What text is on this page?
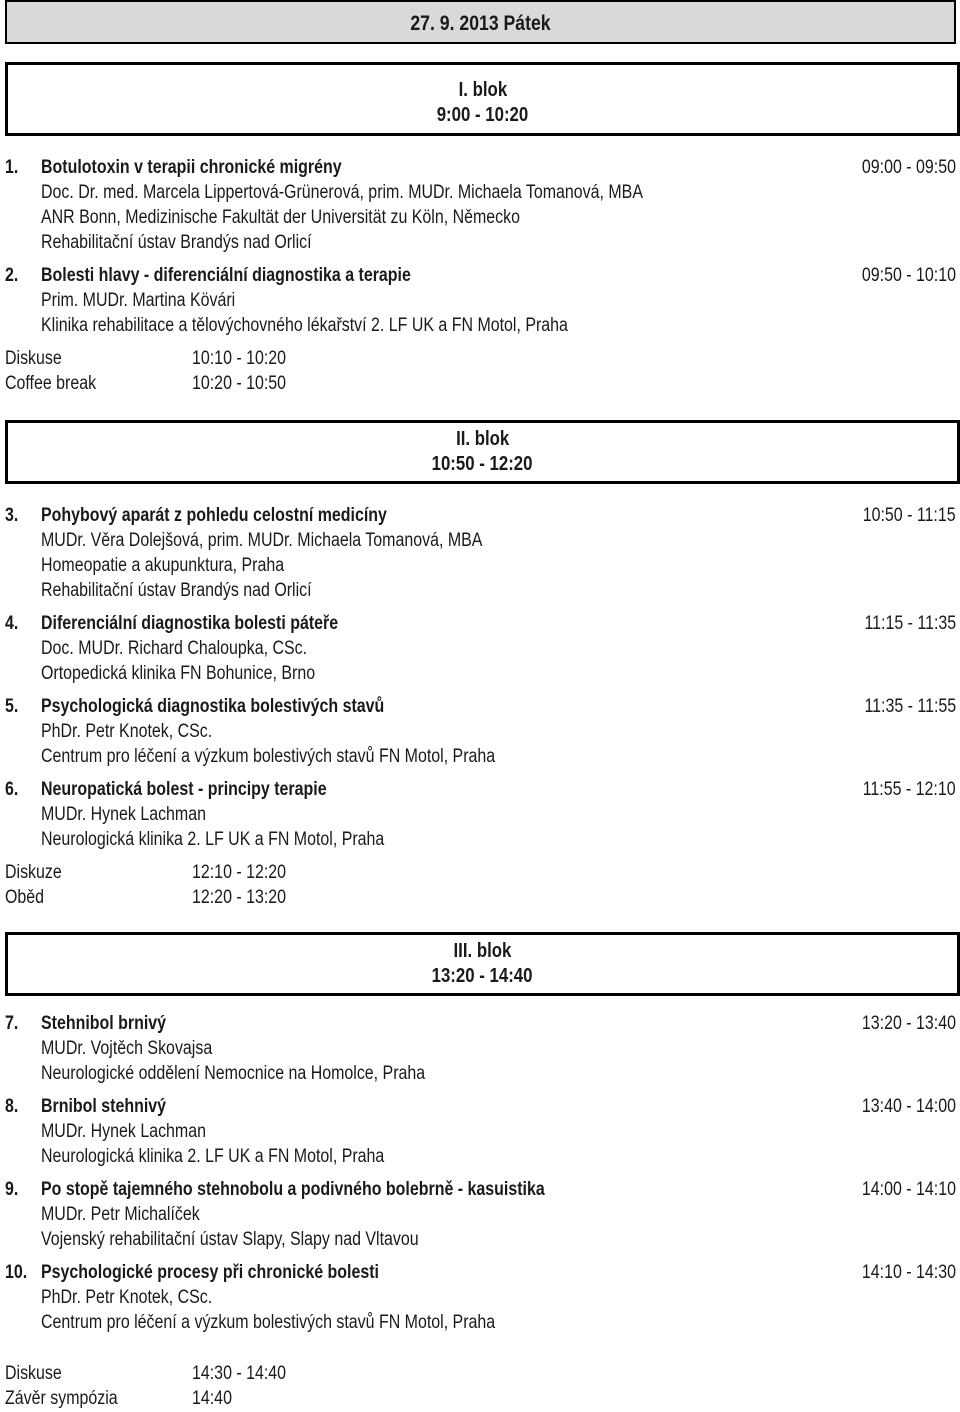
27. 9. 2013 Pátek
I. blok
9:00 - 10:20
1. Botulotoxin v terapii chronické migrény	09:00 - 09:50
Doc. Dr. med. Marcela Lippertová-Grünerová, prim. MUDr. Michaela Tomanová, MBA
ANR Bonn, Medizinische Fakultät der Universität zu Köln, Německo
Rehabilitační ústav Brandýs nad Orlicí
2. Bolesti hlavy - diferenciální diagnostika a terapie	09:50 - 10:10
Prim. MUDr. Martina Kövári
Klinika rehabilitace a tělovýchovného lékařství 2. LF UK a FN Motol, Praha
Diskuse	10:10 - 10:20
Coffee break	10:20 - 10:50
II. blok
10:50 - 12:20
3. Pohybový aparát z pohledu celostní medicíny	10:50 - 11:15
MUDr. Věra Dolejšová, prim. MUDr. Michaela Tomanová, MBA
Homeopatie a akupunktura, Praha
Rehabilitační ústav Brandýs nad Orlicí
4. Diferenciální diagnostika bolesti páteře	11:15 - 11:35
Doc. MUDr. Richard Chaloupka, CSc.
Ortopedická klinika FN Bohunice, Brno
5. Psychologická diagnostika bolestivých stavů	11:35 - 11:55
PhDr. Petr Knotek, CSc.
Centrum pro léčení a výzkum bolestivých stavů FN Motol, Praha
6. Neuropatická bolest - principy terapie	11:55 - 12:10
MUDr. Hynek Lachman
Neurologická klinika 2. LF UK a FN Motol, Praha
Diskuze	12:10 - 12:20
Oběd	12:20 - 13:20
III. blok
13:20 - 14:40
7. Stehnibol brnivý	13:20 - 13:40
MUDr. Vojtěch Skovajsa
Neurologické oddělení Nemocnice na Homolce, Praha
8. Brnibol stehnivý	13:40 - 14:00
MUDr. Hynek Lachman
Neurologická klinika 2. LF UK a FN Motol, Praha
9. Po stopě tajemného stehnobolu a podivného bolebrně - kasuistika	14:00 - 14:10
MUDr. Petr Michalíček
Vojenský rehabilitační ústav Slapy, Slapy nad Vltavou
10. Psychologické procesy při chronické bolesti	14:10 - 14:30
PhDr. Petr Knotek, CSc.
Centrum pro léčení a výzkum bolestivých stavů FN Motol, Praha
Diskuse	14:30 - 14:40
Závěr sympózia	14:40
